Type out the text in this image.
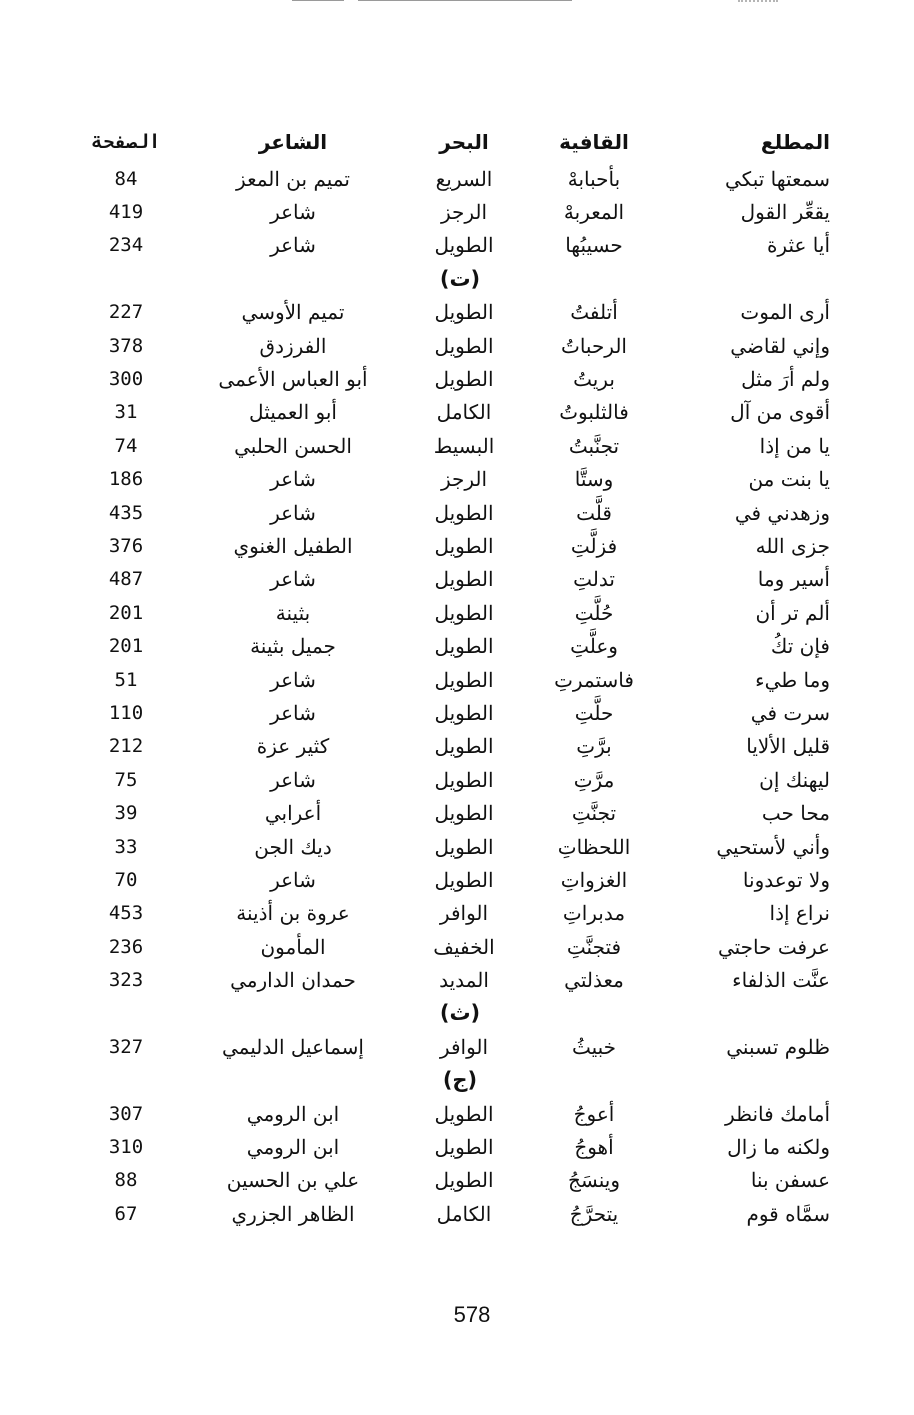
المطلع
القافية
البحر
الشاعر
الصفحة
سمعتها تبكي
بأحبابهْ
السريع
تميم بن المعز
84
يقعِّر القول
المعربهْ
الرجز
شاعر
419
أيا عثرة
حسيبُها
الطويل
شاعر
234
(ت)
أرى الموت
أتلفتُ
الطويل
تميم الأوسي
227
وإني لقاضي
الرحباتُ
الطويل
الفرزدق
378
ولم أرَ مثل
بريتُ
الطويل
أبو العباس الأعمى
300
أقوى من آل
فالثلبوتُ
الكامل
أبو العميثل
31
يا من إذا
تجنَّبتُ
البسيط
الحسن الحلبي
74
يا بنت من
وستَّا
الرجز
شاعر
186
وزهدني في
قلَّت
الطويل
شاعر
435
جزى الله
فزلَّتِ
الطويل
الطفيل الغنوي
376
أسير وما
تدلتِ
الطويل
شاعر
487
ألم تر أن
حُلَّتِ
الطويل
بثينة
201
فإن تكُ
وعلَّتِ
الطويل
جميل بثينة
201
وما طيء
فاستمرتِ
الطويل
شاعر
51
سرت في
حلَّتِ
الطويل
شاعر
110
قليل الألايا
برَّتِ
الطويل
كثير عزة
212
ليهنك إن
مرَّتِ
الطويل
شاعر
75
محا حب
تجنَّتِ
الطويل
أعرابي
39
وأني لأستحيي
اللحظاتِ
الطويل
ديك الجن
33
ولا توعدونا
الغزواتِ
الطويل
شاعر
70
نراع إذا
مدبراتِ
الوافر
عروة بن أذينة
453
عرفت حاجتي
فتجنَّتِ
الخفيف
المأمون
236
عنَّت الذلفاء
معذلتي
المديد
حمدان الدارمي
323
(ث)
ظلوم تسبني
خبيثُ
الوافر
إسماعيل الدليمي
327
(ج)
أمامك فانظر
أعوجُ
الطويل
ابن الرومي
307
ولكنه ما زال
أهوجُ
الطويل
ابن الرومي
310
عسفن بنا
وينسَجُ
الطويل
علي بن الحسين
88
سمَّاه قوم
يتحرَّجُ
الكامل
الظاهر الجزري
67
578
